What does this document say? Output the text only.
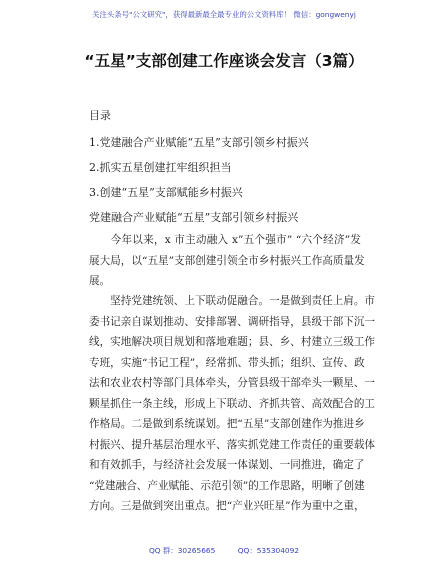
关注头条号"公文研究"，获得最新最全最专业的公文资料库！ 微信：gongwenyj
“五星”支部创建工作座谈会发言（3篇）
目录
1.党建融合产业赋能“五星”支部引领乡村振兴
2.抓实五星创建扛牢组织担当
3.创建“五星”支部赋能乡村振兴
党建融合产业赋能“五星”支部引领乡村振兴
　　今年以来，x 市主动融入 x”五个强市” “六个经济”发
展大局，以“五星”支部创建引领全市乡村振兴工作高质量发
展。
　　坚持党建统领、上下联动促融合。一是做到责任上肩。市
委书记亲自谋划推动、安排部署、调研指导，县级干部下沉一
线，实地解决项目规划和落地难题；县、乡、村建立三级工作
专班，实施“书记工程”，经常抓、带头抓；组织、宣传、政
法和农业农村等部门具体牵头，分管县级干部牵头一颗星、一
颗星抓住一条主线，形成上下联动、齐抓共管、高效配合的工
作格局。二是做到系统谋划。把“五星”支部创建作为推进乡
村振兴、提升基层治理水平、落实抓党建工作责任的重要载体
和有效抓手，与经济社会发展一体谋划、一同推进，确定了
“党建融合、产业赋能、示范引领”的工作思路，明晰了创建
方向。三是做到突出重点。把“产业兴旺星”作为重中之重，
QQ 群：30265665	QQ：535304092
